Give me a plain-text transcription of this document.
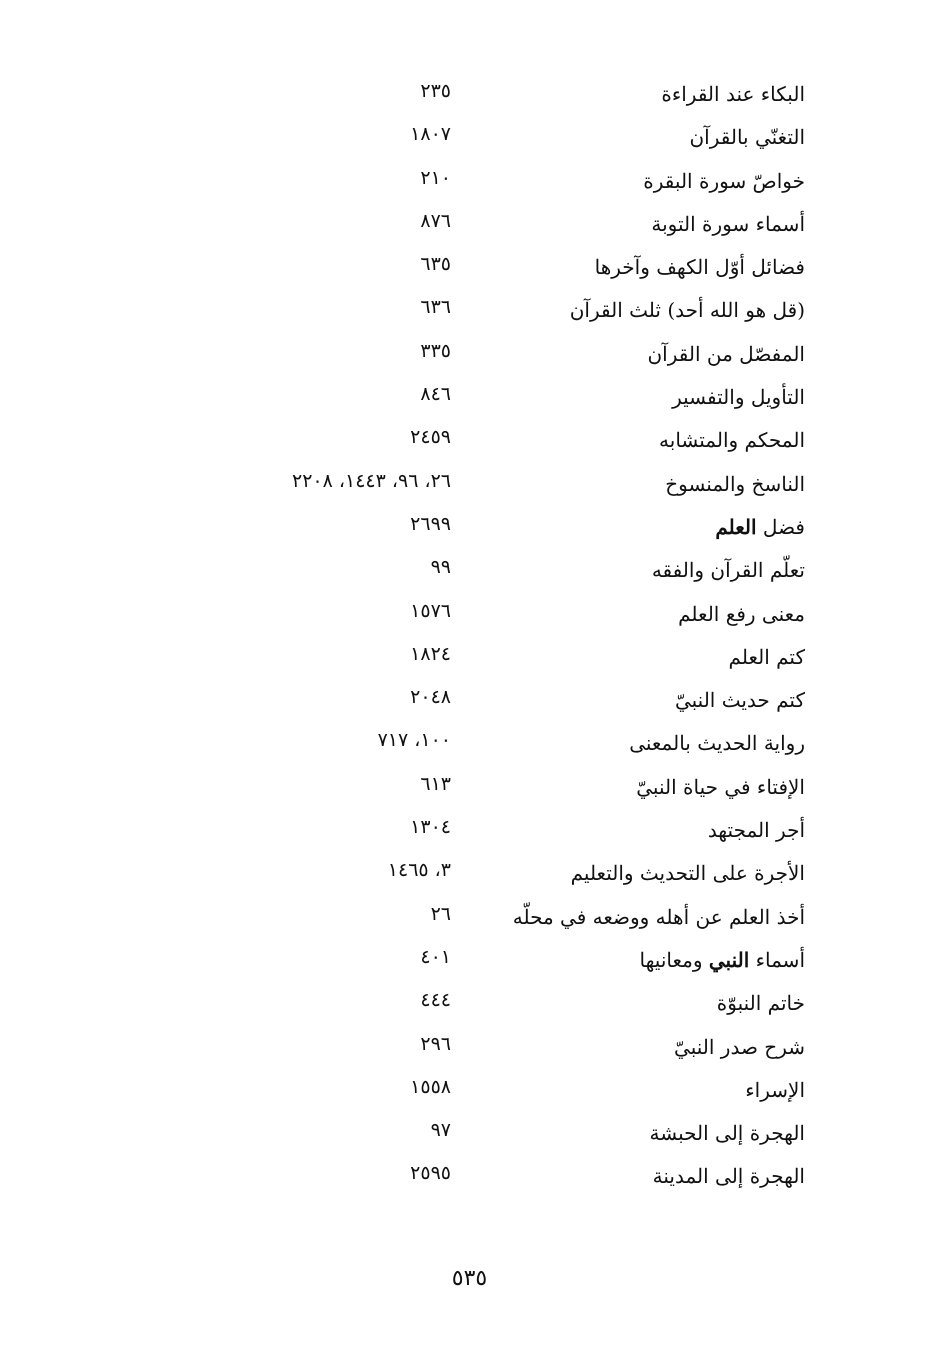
البكاء عند القراءة
٢٣٥
التغنّي بالقرآن
١٨٠٧
خواصّ سورة البقرة
٢١٠
أسماء سورة التوبة
٨٧٦
فضائل أوّل الكهف وآخرها
٦٣٥
(قل هو الله أحد) ثلث القرآن
٦٣٦
المفصّل من القرآن
٣٣٥
التأويل والتفسير
٨٤٦
المحكم والمتشابه
٢٤٥٩
الناسخ والمنسوخ
٢٦، ٩٦، ١٤٤٣، ٢٢٠٨
فضل العلم
٢٦٩٩
تعلّم القرآن والفقه
٩٩
معنى رفع العلم
١٥٧٦
كتم العلم
١٨٢٤
كتم حديث النبيّ
٢٠٤٨
رواية الحديث بالمعنى
١٠٠، ٧١٧
الإفتاء في حياة النبيّ
٦١٣
أجر المجتهد
١٣٠٤
الأجرة على التحديث والتعليم
٣، ١٤٦٥
أخذ العلم عن أهله ووضعه في محلّه
٢٦
أسماء النبي ومعانيها
٤٠١
خاتم النبوّة
٤٤٤
شرح صدر النبيّ
٢٩٦
الإسراء
١٥٥٨
الهجرة إلى الحبشة
٩٧
الهجرة إلى المدينة
٢٥٩٥
٥٣٥
